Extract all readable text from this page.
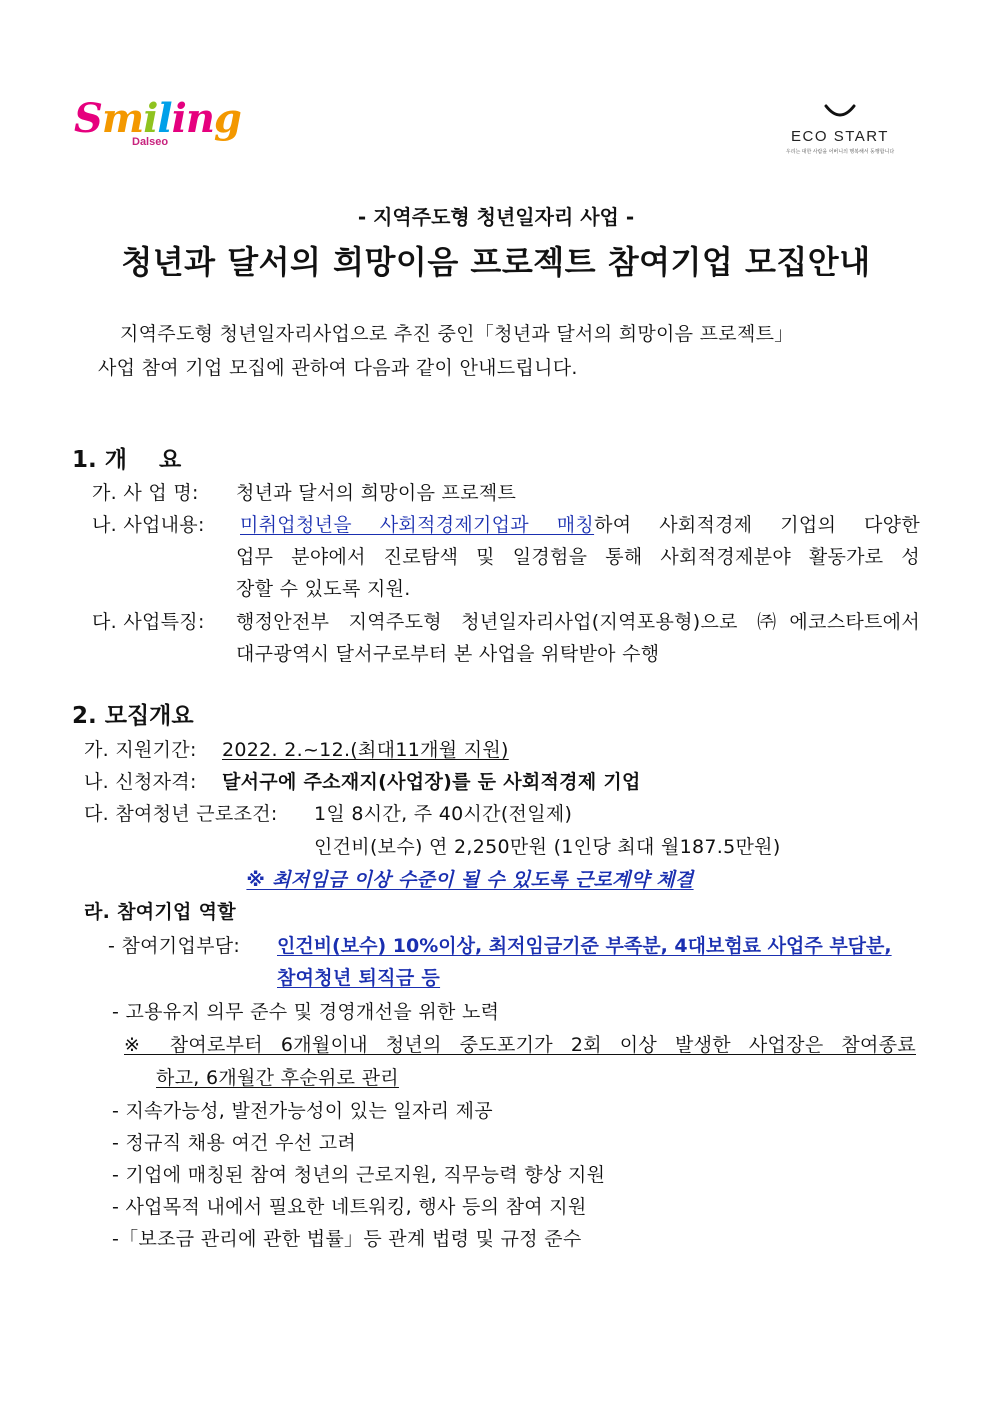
Smiling
Dalseo	ECO START
우리는 대한 사람을 어버니의 행복해서 동행합니다
- 지역주도형 청년일자리 사업 -
청년과 달서의 희망이음 프로젝트 참여기업 모집안내
지역주도형 청년일자리사업으로 추진 중인「청년과 달서의 희망이음 프로젝트」
사업 참여 기업 모집에 관하여 다음과 같이 안내드립니다.
1. 개    요
가. 사 업 명: 청년과 달서의 희망이음 프로젝트
나. 사업내용: 미취업청년을 사회적경제기업과 매칭하여 사회적경제 기업의 다양한
업무 분야에서 진로탐색 및 일경험을 통해 사회적경제분야 활동가로 성
장할 수 있도록 지원.
다. 사업특징: 행정안전부 지역주도형 청년일자리사업(지역포용형)으로 ㈜에코스타트에서
대구광역시 달서구로부터 본 사업을 위탁받아 수행
2. 모집개요
가. 지원기간: 2022. 2.~12.(최대11개월 지원)
나. 신청자격: 달서구에 주소재지(사업장)를 둔 사회적경제 기업
다. 참여청년 근로조건: 1일 8시간, 주 40시간(전일제)
인건비(보수) 연 2,250만원 (1인당 최대 월187.5만원)
※ 최저임금 이상 수준이 될 수 있도록 근로계약 체결
라. 참여기업 역할
- 참여기업부담: 인건비(보수) 10%이상, 최저임금기준 부족분, 4대보험료 사업주 부담분,
참여청년 퇴직금 등
- 고용유지 의무 준수 및 경영개선을 위한 노력
※ 참여로부터 6개월이내 청년의 중도포기가 2회 이상 발생한 사업장은 참여종료
하고, 6개월간 후순위로 관리
- 지속가능성, 발전가능성이 있는 일자리 제공
- 정규직 채용 여건 우선 고려
- 기업에 매칭된 참여 청년의 근로지원, 직무능력 향상 지원
- 사업목적 내에서 필요한 네트워킹, 행사 등의 참여 지원
-「보조금 관리에 관한 법률」등 관계 법령 및 규정 준수
